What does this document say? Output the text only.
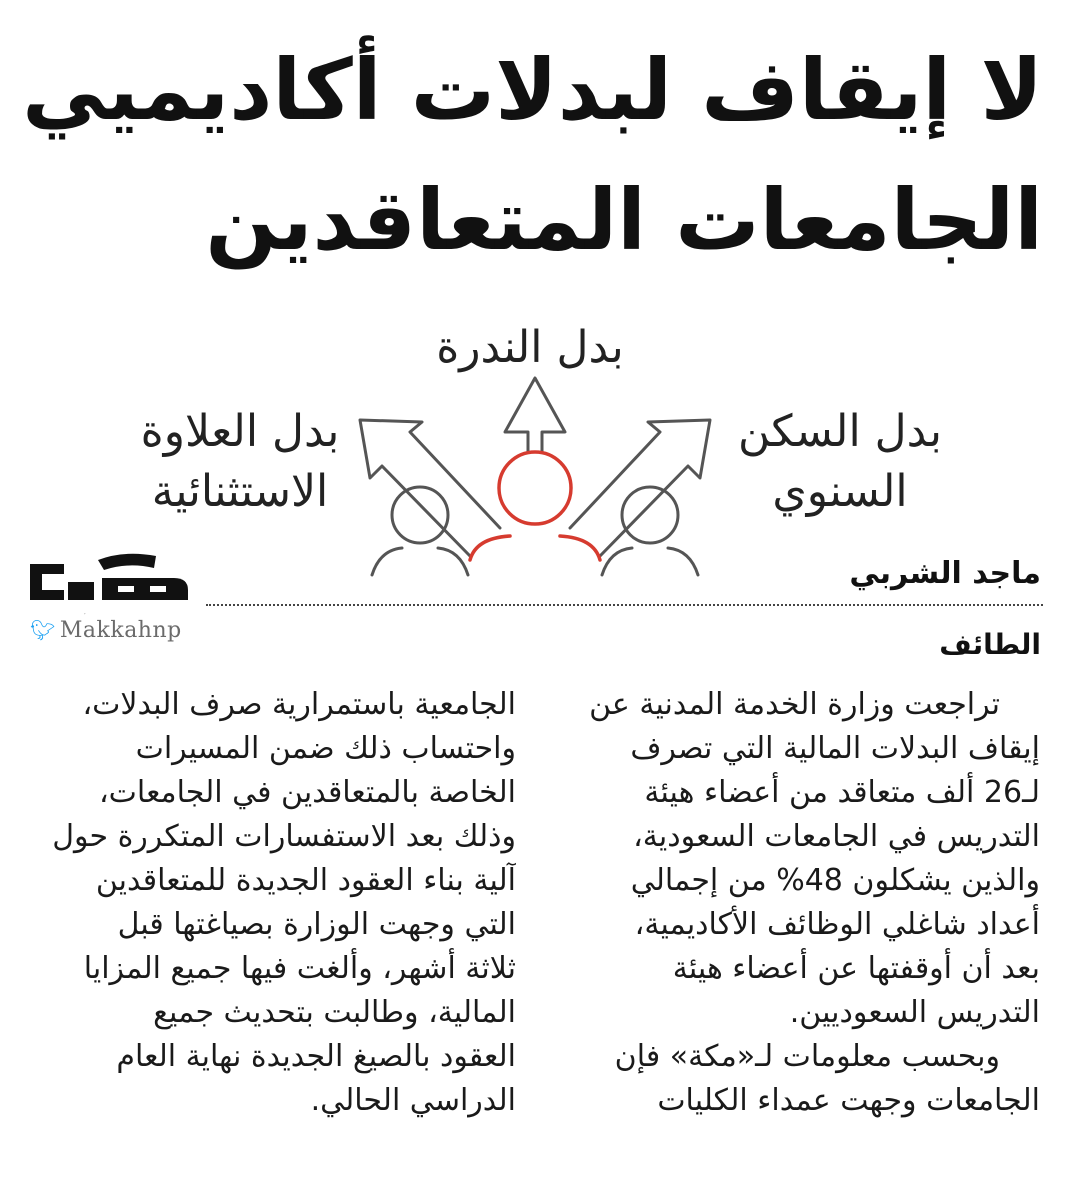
لا إيقاف لبدلات أكاديميي
الجامعات المتعاقدين
بدل الندرة
بدل العلاوة
الاستثنائية
بدل السكن
السنوي
مكة
🐦︎ Makkahnp
ماجد الشربي
الطائف
تراجعت وزارة الخدمة المدنية عن
إيقاف البدلات المالية التي تصرف
لـ26 ألف متعاقد من أعضاء هيئة
التدريس في الجامعات السعودية،
والذين يشكلون 48% من إجمالي
أعداد شاغلي الوظائف الأكاديمية،
بعد أن أوقفتها عن أعضاء هيئة
التدريس السعوديين.
وبحسب معلومات لـ«مكة» فإن
الجامعات وجهت عمداء الكليات
الجامعية باستمرارية صرف البدلات،
واحتساب ذلك ضمن المسيرات
الخاصة بالمتعاقدين في الجامعات،
وذلك بعد الاستفسارات المتكررة حول
آلية بناء العقود الجديدة للمتعاقدين
التي وجهت الوزارة بصياغتها قبل
ثلاثة أشهر، وألغت فيها جميع المزايا
المالية، وطالبت بتحديث جميع
العقود بالصيغ الجديدة نهاية العام
الدراسي الحالي.
